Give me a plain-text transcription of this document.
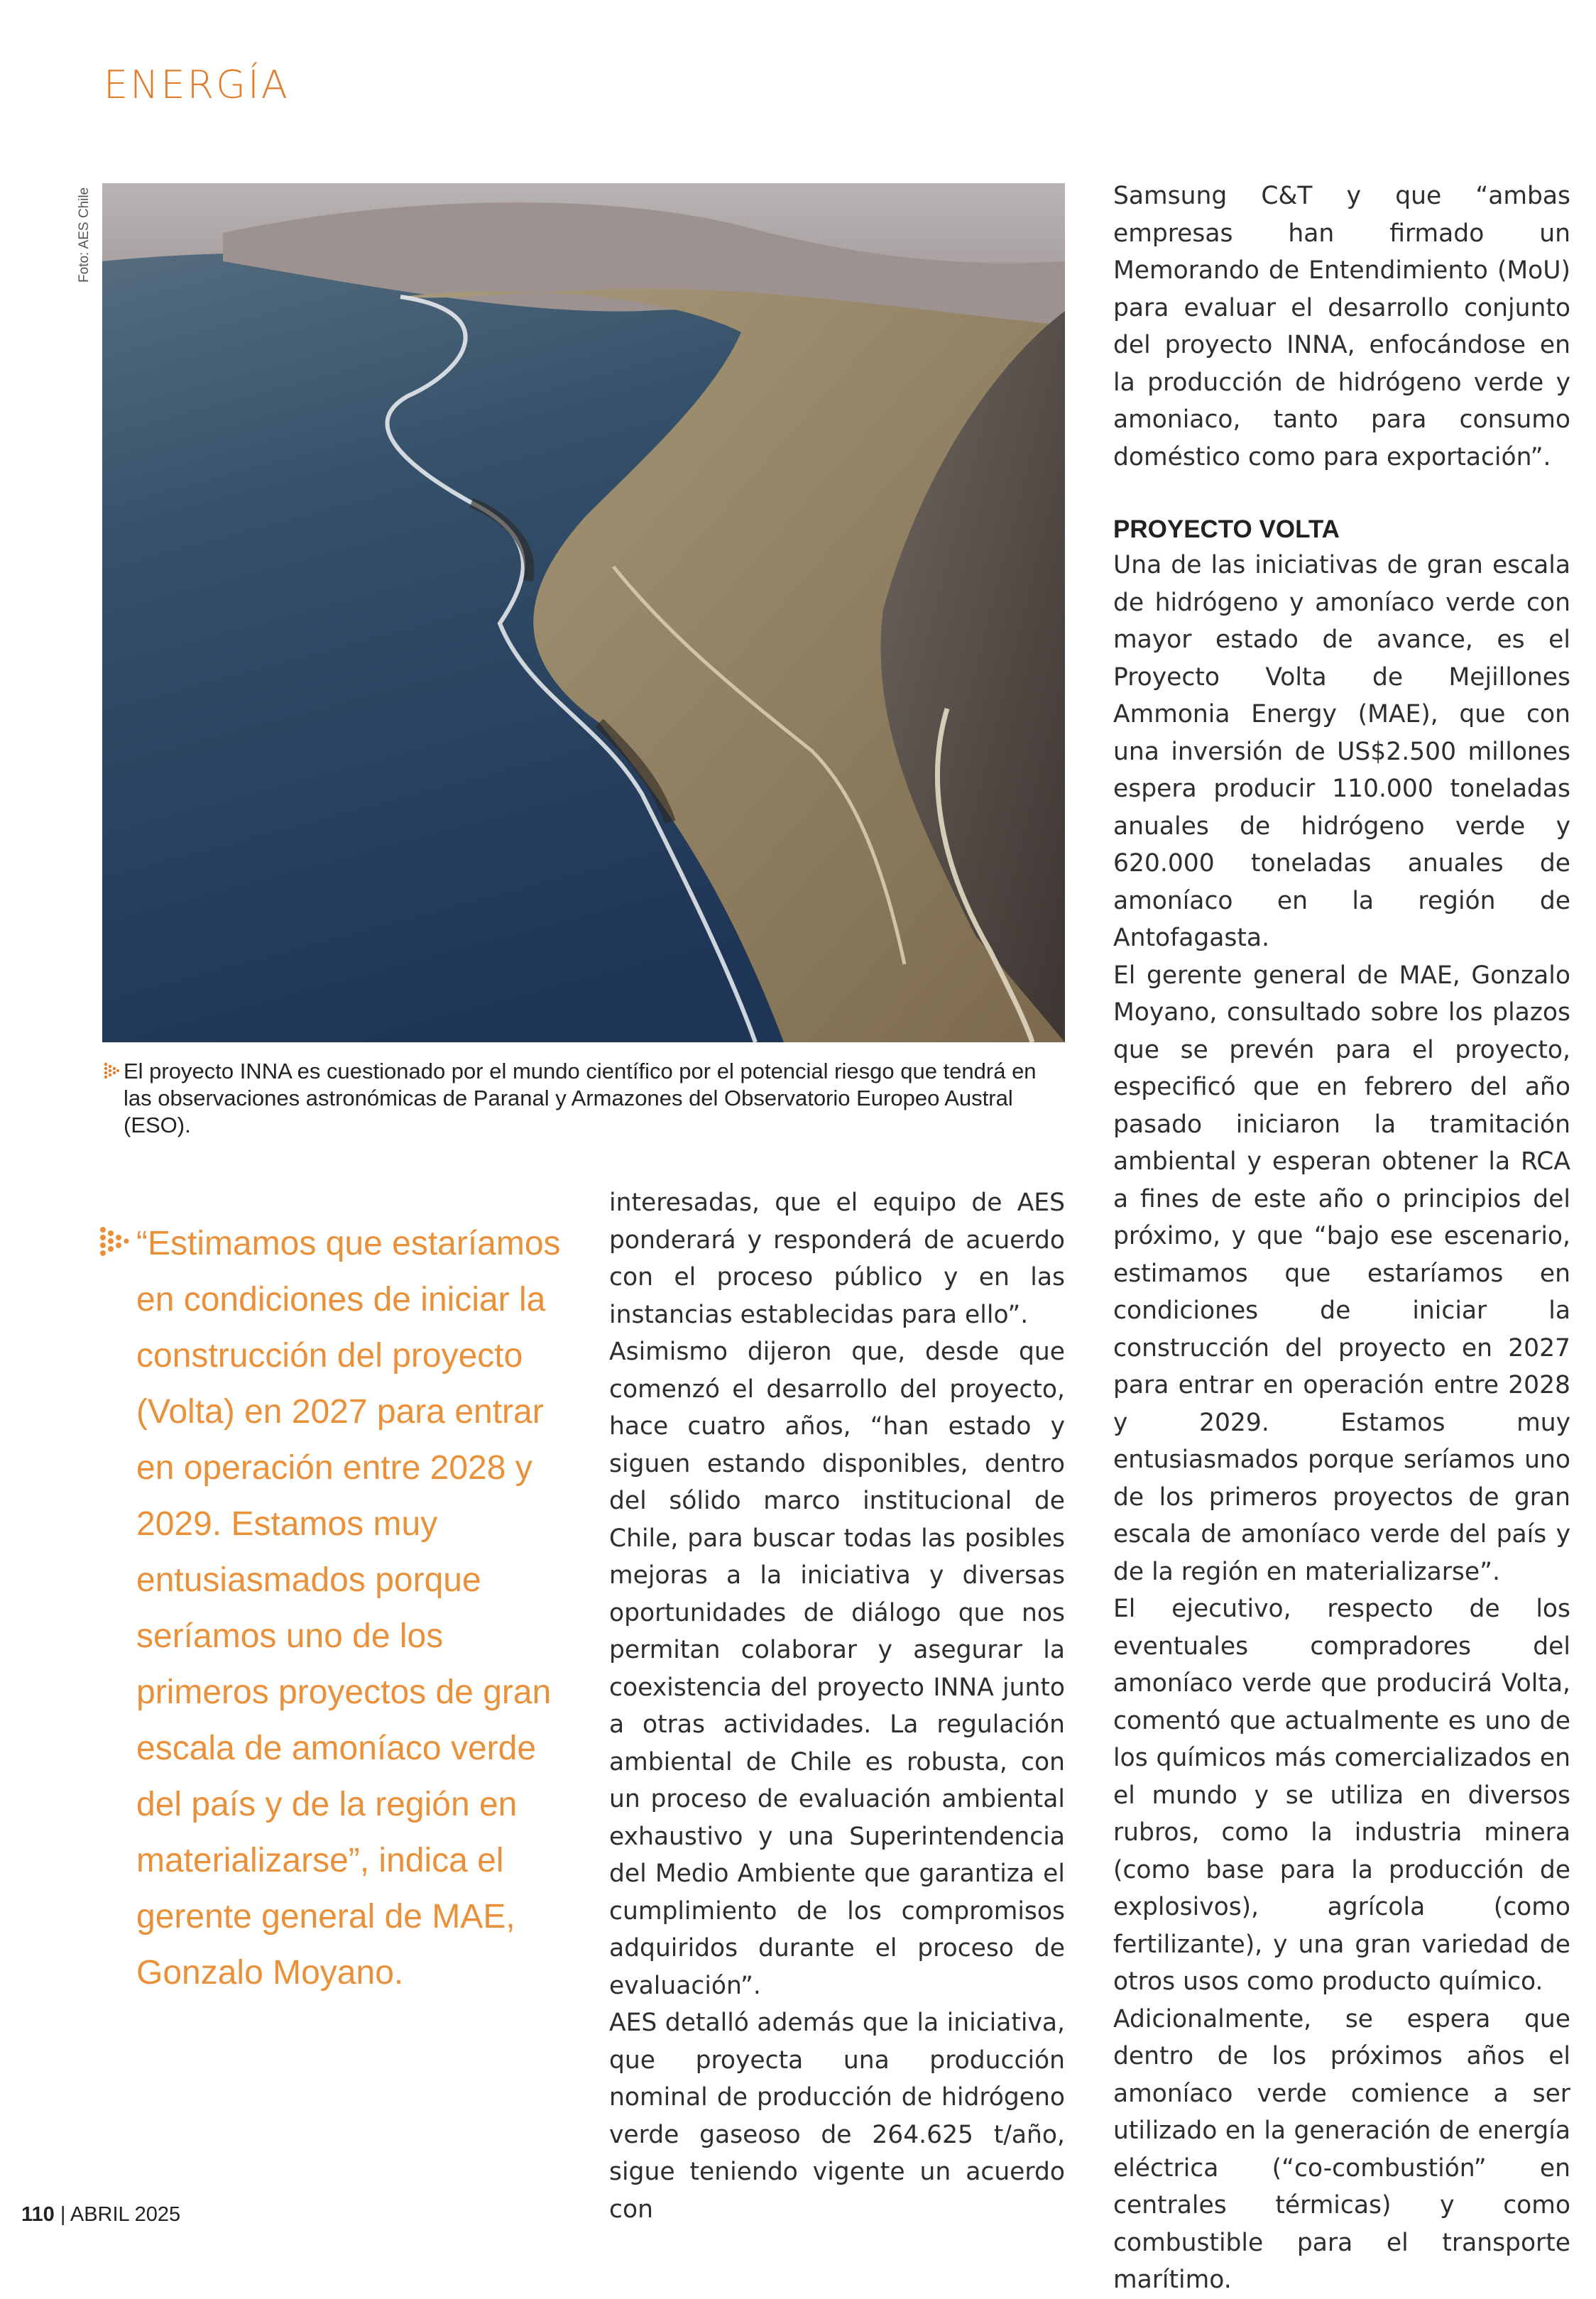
ENERGÍA
Foto: AES Chile
El proyecto INNA es cuestionado por el mundo científico por el potencial riesgo que tendrá en las observaciones astronómicas de Paranal y Armazones del Observatorio Europeo Austral (ESO).
“Estimamos que estaríamos en condiciones de iniciar la construcción del proyecto (Volta) en 2027 para entrar en operación entre 2028 y 2029. Estamos muy entusiasmados porque seríamos uno de los primeros proyectos de gran escala de amoníaco verde del país y de la región en materializarse”, indica el gerente general de MAE, Gonzalo Moyano.

interesadas, que el equipo de AES ponderará y responderá de acuerdo con el proceso público y en las instancias establecidas para ello”.

Asimismo dijeron que, desde que comenzó el desarrollo del proyecto, hace cuatro años, “han estado y siguen estando disponibles, dentro del sólido marco institucional de Chile, para buscar todas las posibles mejoras a la iniciativa y diversas oportunidades de diálogo que nos permitan colaborar y asegurar la coexistencia del proyecto INNA junto a otras actividades. La regulación ambiental de Chile es robusta, con un proceso de evaluación ambiental exhaustivo y una Superintendencia del Medio Ambiente que garantiza el cumplimiento de los compromisos adquiridos durante el proceso de evaluación”.

AES detalló además que la iniciativa, que proyecta una producción nominal de producción de hidrógeno verde gaseoso de 264.625 t/año, sigue teniendo vigente un acuerdo con

Samsung C&T y que “ambas empresas han firmado un Memorando de Entendimiento (MoU) para evaluar el desarrollo conjunto del proyecto INNA, enfocándose en la producción de hidrógeno verde y amoniaco, tanto para consumo doméstico como para exportación”.

PROYECTO VOLTA

Una de las iniciativas de gran escala de hidrógeno y amoníaco verde con mayor estado de avance, es el Proyecto Volta de Mejillones Ammonia Energy (MAE), que con una inversión de US$2.500 millones espera producir 110.000 toneladas anuales de hidrógeno verde y 620.000 toneladas anuales de amoníaco en la región de Antofagasta.

El gerente general de MAE, Gonzalo Moyano, consultado sobre los plazos que se prevén para el proyecto, especificó que en febrero del año pasado iniciaron la tramitación ambiental y esperan obtener la RCA a fines de este año o principios del próximo, y que “bajo ese escenario, estimamos que estaríamos en condiciones de iniciar la construcción del proyecto en 2027 para entrar en operación entre 2028 y 2029. Estamos muy entusiasmados porque seríamos uno de los primeros proyectos de gran escala de amoníaco verde del país y de la región en materializarse”.

El ejecutivo, respecto de los eventuales compradores del amoníaco verde que producirá Volta, comentó que actualmente es uno de los químicos más comercializados en el mundo y se utiliza en diversos rubros, como la industria minera (como base para la producción de explosivos), agrícola (como fertilizante), y una gran variedad de otros usos como producto químico.

Adicionalmente, se espera que dentro de los próximos años el amoníaco verde comience a ser utilizado en la generación de energía eléctrica (“co-combustión” en centrales térmicas) y como combustible para el transporte marítimo.

110 | ABRIL 2025
